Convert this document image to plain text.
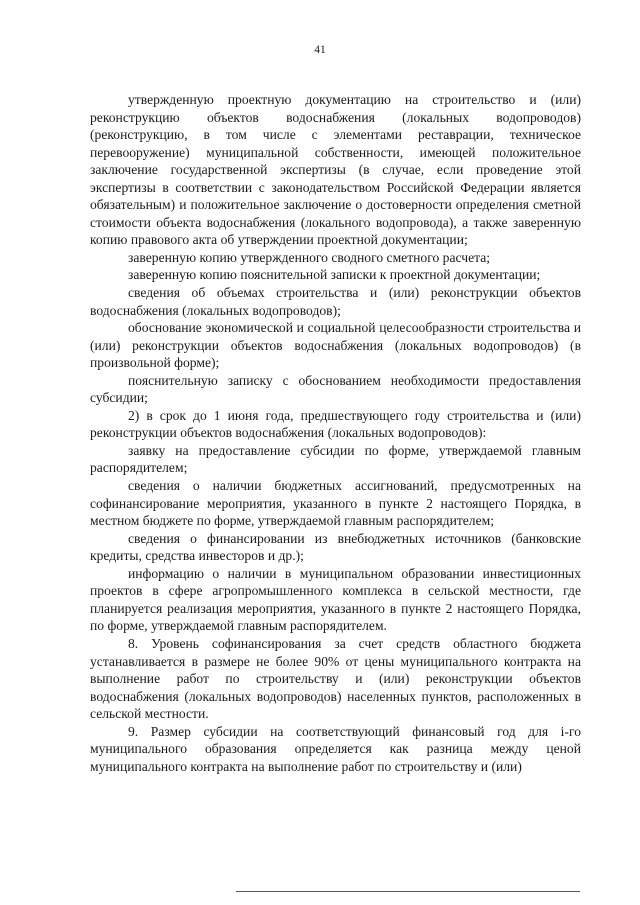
41

утвержденную проектную документацию на строительство и (или) реконструкцию объектов водоснабжения (локальных водопроводов) (реконструкцию, в том числе с элементами реставрации, техническое перевооружение) муниципальной собственности, имеющей положительное заключение государственной экспертизы (в случае, если проведение этой экспертизы в соответствии с законодательством Российской Федерации является обязательным) и положительное заключение о достоверности определения сметной стоимости объекта водоснабжения (локального водопровода), а также заверенную копию правового акта об утверждении проектной документации;

заверенную копию утвержденного сводного сметного расчета;

заверенную копию пояснительной записки к проектной документации;

сведения об объемах строительства и (или) реконструкции объектов водоснабжения (локальных водопроводов);

обоснование экономической и социальной целесообразности строительства и (или) реконструкции объектов водоснабжения (локальных водопроводов) (в произвольной форме);

пояснительную записку с обоснованием необходимости предоставления субсидии;

2) в срок до 1 июня года, предшествующего году строительства и (или) реконструкции объектов водоснабжения (локальных водопроводов):

заявку на предоставление субсидии по форме, утверждаемой главным распорядителем;

сведения о наличии бюджетных ассигнований, предусмотренных на софинансирование мероприятия, указанного в пункте 2 настоящего Порядка, в местном бюджете по форме, утверждаемой главным распорядителем;

сведения о финансировании из внебюджетных источников (банковские кредиты, средства инвесторов и др.);

информацию о наличии в муниципальном образовании инвестиционных проектов в сфере агропромышленного комплекса в сельской местности, где планируется реализация мероприятия, указанного в пункте 2 настоящего Порядка, по форме, утверждаемой главным распорядителем.

8. Уровень софинансирования за счет средств областного бюджета устанавливается в размере не более 90% от цены муниципального контракта на выполнение работ по строительству и (или) реконструкции объектов водоснабжения (локальных водопроводов) населенных пунктов, расположенных в сельской местности.

9. Размер субсидии на соответствующий финансовый год для i-го муниципального образования определяется как разница между ценой муниципального контракта на выполнение работ по строительству и (или)
